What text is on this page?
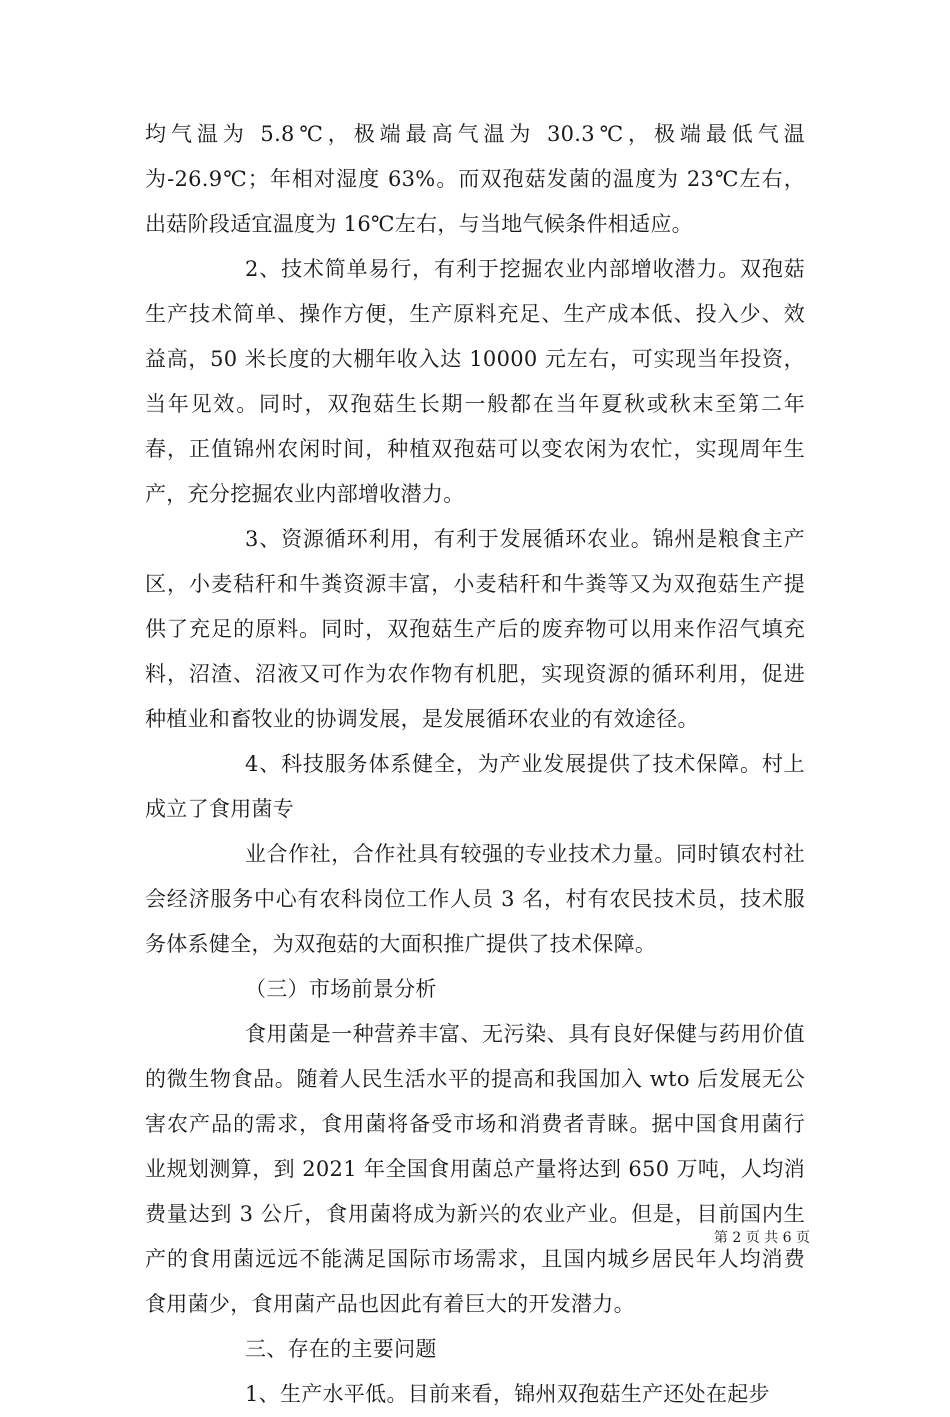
均气温为 5.8℃，极端最高气温为 30.3℃，极端最低气温为-26.9℃；年相对湿度 63%。而双孢菇发菌的温度为 23℃左右，出菇阶段适宜温度为 16℃左右，与当地气候条件相适应。

2、技术简单易行，有利于挖掘农业内部增收潜力。双孢菇生产技术简单、操作方便，生产原料充足、生产成本低、投入少、效益高，50 米长度的大棚年收入达 10000 元左右，可实现当年投资，当年见效。同时，双孢菇生长期一般都在当年夏秋或秋末至第二年春，正值锦州农闲时间，种植双孢菇可以变农闲为农忙，实现周年生产，充分挖掘农业内部增收潜力。

3、资源循环利用，有利于发展循环农业。锦州是粮食主产区，小麦秸秆和牛粪资源丰富，小麦秸秆和牛粪等又为双孢菇生产提供了充足的原料。同时，双孢菇生产后的废弃物可以用来作沼气填充料，沼渣、沼液又可作为农作物有机肥，实现资源的循环利用，促进种植业和畜牧业的协调发展，是发展循环农业的有效途径。

4、科技服务体系健全，为产业发展提供了技术保障。村上成立了食用菌专

业合作社，合作社具有较强的专业技术力量。同时镇农村社会经济服务中心有农科岗位工作人员 3 名，村有农民技术员，技术服务体系健全，为双孢菇的大面积推广提供了技术保障。

（三）市场前景分析

食用菌是一种营养丰富、无污染、具有良好保健与药用价值的微生物食品。随着人民生活水平的提高和我国加入 wto 后发展无公害农产品的需求，食用菌将备受市场和消费者青睐。据中国食用菌行业规划测算，到 2021 年全国食用菌总产量将达到 650 万吨，人均消费量达到 3 公斤，食用菌将成为新兴的农业产业。但是，目前国内生产的食用菌远远不能满足国际市场需求，且国内城乡居民年人均消费食用菌少，食用菌产品也因此有着巨大的开发潜力。

三、存在的主要问题

1、生产水平低。目前来看，锦州双孢菇生产还处在起步

第 2 页 共 6 页
